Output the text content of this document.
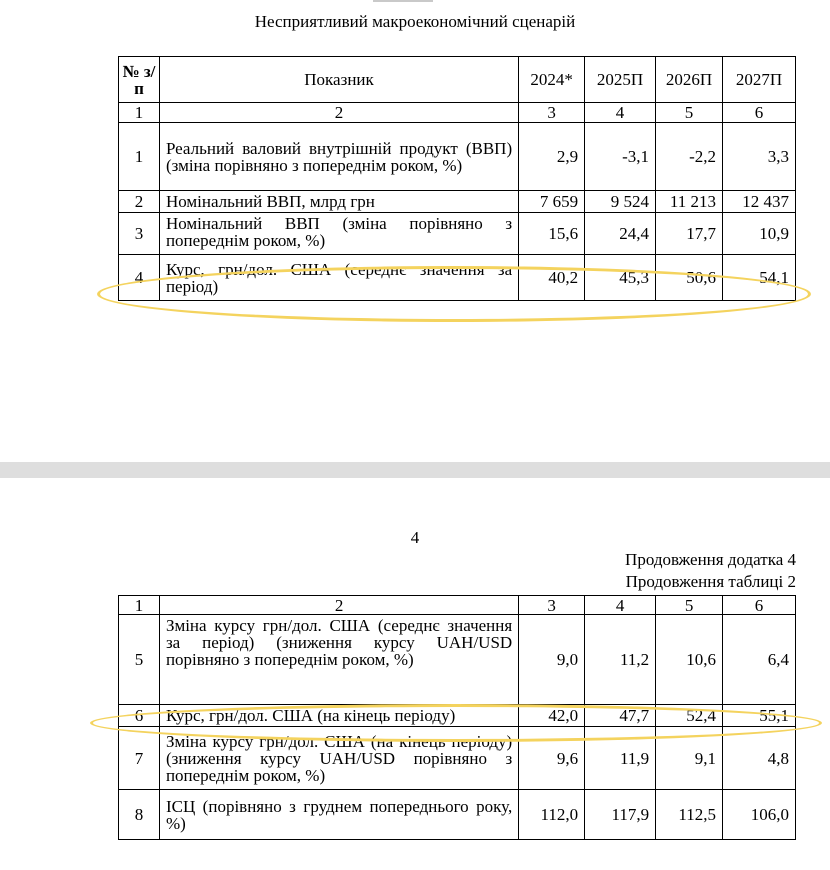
Несприятливий макроекономічний сценарій
№ з/п	Показник	2024*	2025П	2026П	2027П
1	2	3	4	5	6
1	Реальний валовий внутрішній продукт (ВВП) (зміна порівняно з попереднім роком, %)	2,9	-3,1	-2,2	3,3
2	Номінальний ВВП, млрд грн	7 659	9 524	11 213	12 437
3	Номінальний ВВП (зміна порівняно з попереднім роком, %)	15,6	24,4	17,7	10,9
4	Курс, грн/дол. США (середнє значення за період)	40,2	45,3	50,6	54,1
4
Продовження додатка 4
Продовження таблиці 2
1	2	3	4	5	6
5	Зміна курсу грн/дол. США (середнє значення за період) (зниження курсу UAH/USD порівняно з попереднім роком, %)	9,0	11,2	10,6	6,4
6	Курс, грн/дол. США (на кінець періоду)	42,0	47,7	52,4	55,1
7	Зміна курсу грн/дол. США (на кінець періоду) (зниження курсу UAH/USD порівняно з попереднім роком, %)	9,6	11,9	9,1	4,8
8	ІСЦ (порівняно з груднем попереднього року, %)	112,0	117,9	112,5	106,0
